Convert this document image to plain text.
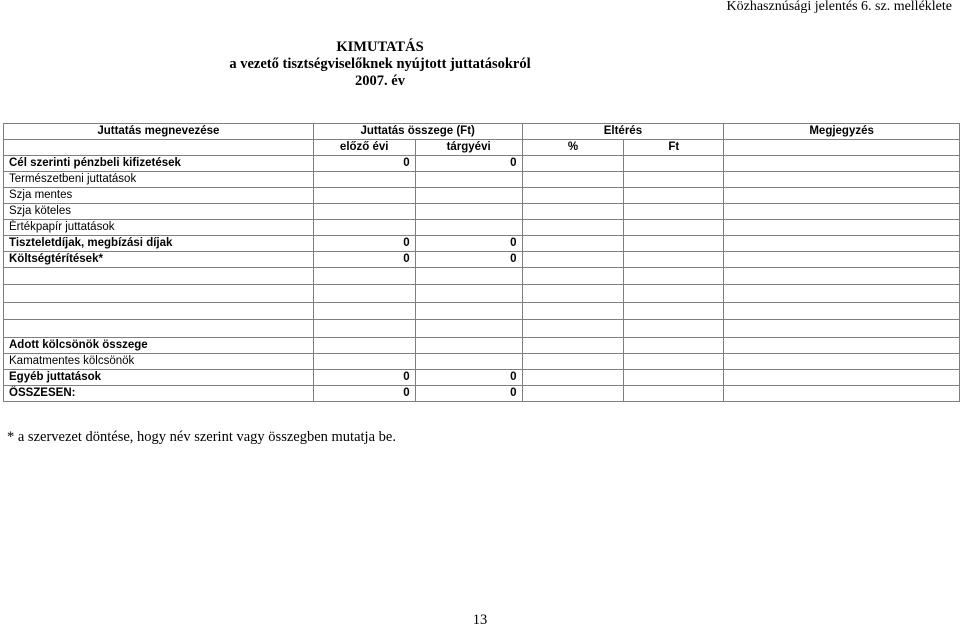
Közhasznúsági jelentés 6. sz. melléklete
KIMUTATÁS
a vezető tisztségviselőknek nyújtott juttatásokról
2007. év
Juttatás megnevezése	Juttatás összege (Ft)		Eltérés		Megjegyzés
	előző évi	tárgyévi	%	Ft	
Cél szerinti pénzbeli kifizetések	0	0			
Természetbeni juttatások					
Szja mentes					
Szja köteles					
Értékpapír juttatások					
Tiszteletdíjak, megbízási díjak	0	0			
Költségtérítések*	0	0			

Adott kölcsönök összege					
Kamatmentes kölcsönök					
Egyéb juttatások	0	0			
ÖSSZESEN:	0	0			
* a szervezet döntése, hogy név szerint vagy összegben mutatja be.
13
